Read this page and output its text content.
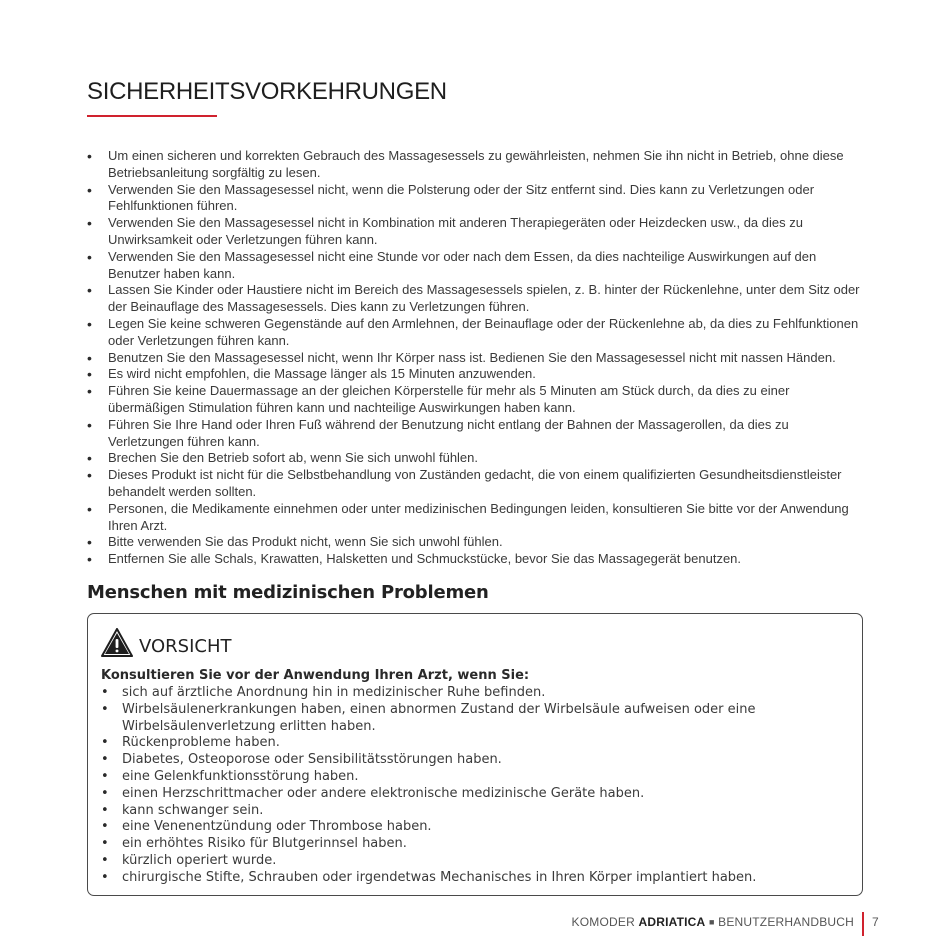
SICHERHEITSVORKEHRUNGEN
• Um einen sicheren und korrekten Gebrauch des Massagesessels zu gewährleisten, nehmen Sie ihn nicht in Betrieb, ohne diese Betriebsanleitung sorgfältig zu lesen.
• Verwenden Sie den Massagesessel nicht, wenn die Polsterung oder der Sitz entfernt sind. Dies kann zu Verletzungen oder Fehlfunktionen führen.
• Verwenden Sie den Massagesessel nicht in Kombination mit anderen Therapiegeräten oder Heizdecken usw., da dies zu Unwirksamkeit oder Verletzungen führen kann.
• Verwenden Sie den Massagesessel nicht eine Stunde vor oder nach dem Essen, da dies nachteilige Auswirkungen auf den Benutzer haben kann.
• Lassen Sie Kinder oder Haustiere nicht im Bereich des Massagesessels spielen, z. B. hinter der Rückenlehne, unter dem Sitz oder der Beinauflage des Massagesessels. Dies kann zu Verletzungen führen.
• Legen Sie keine schweren Gegenstände auf den Armlehnen, der Beinauflage oder der Rückenlehne ab, da dies zu Fehlfunktionen oder Verletzungen führen kann.
• Benutzen Sie den Massagesessel nicht, wenn Ihr Körper nass ist. Bedienen Sie den Massagesessel nicht mit nassen Händen.
• Es wird nicht empfohlen, die Massage länger als 15 Minuten anzuwenden.
• Führen Sie keine Dauermassage an der gleichen Körperstelle für mehr als 5 Minuten am Stück durch, da dies zu einer übermäßigen Stimulation führen kann und nachteilige Auswirkungen haben kann.
• Führen Sie Ihre Hand oder Ihren Fuß während der Benutzung nicht entlang der Bahnen der Massagerollen, da dies zu Verletzungen führen kann.
• Brechen Sie den Betrieb sofort ab, wenn Sie sich unwohl fühlen.
• Dieses Produkt ist nicht für die Selbstbehandlung von Zuständen gedacht, die von einem qualifizierten Gesundheitsdienstleister behandelt werden sollten.
• Personen, die Medikamente einnehmen oder unter medizinischen Bedingungen leiden, konsultieren Sie bitte vor der Anwendung Ihren Arzt.
• Bitte verwenden Sie das Produkt nicht, wenn Sie sich unwohl fühlen.
• Entfernen Sie alle Schals, Krawatten, Halsketten und Schmuckstücke, bevor Sie das Massagegerät benutzen.
Menschen mit medizinischen Problemen
VORSICHT

Konsultieren Sie vor der Anwendung Ihren Arzt, wenn Sie:

• sich auf ärztliche Anordnung hin in medizinischer Ruhe befinden.
• Wirbelsäulenerkrankungen haben, einen abnormen Zustand der Wirbelsäule aufweisen oder eine Wirbelsäulenverletzung erlitten haben.
• Rückenprobleme haben.
• Diabetes, Osteoporose oder Sensibilitätsstörungen haben.
• eine Gelenkfunktionsstörung haben.
• einen Herzschrittmacher oder andere elektronische medizinische Geräte haben.
• kann schwanger sein.
• eine Venenentzündung oder Thrombose haben.
• ein erhöhtes Risiko für Blutgerinnsel haben.
• kürzlich operiert wurde.
• chirurgische Stifte, Schrauben oder irgendetwas Mechanisches in Ihren Körper implantiert haben.
KOMODER ADRIATICA ■ BENUTZERHANDBUCH 7
